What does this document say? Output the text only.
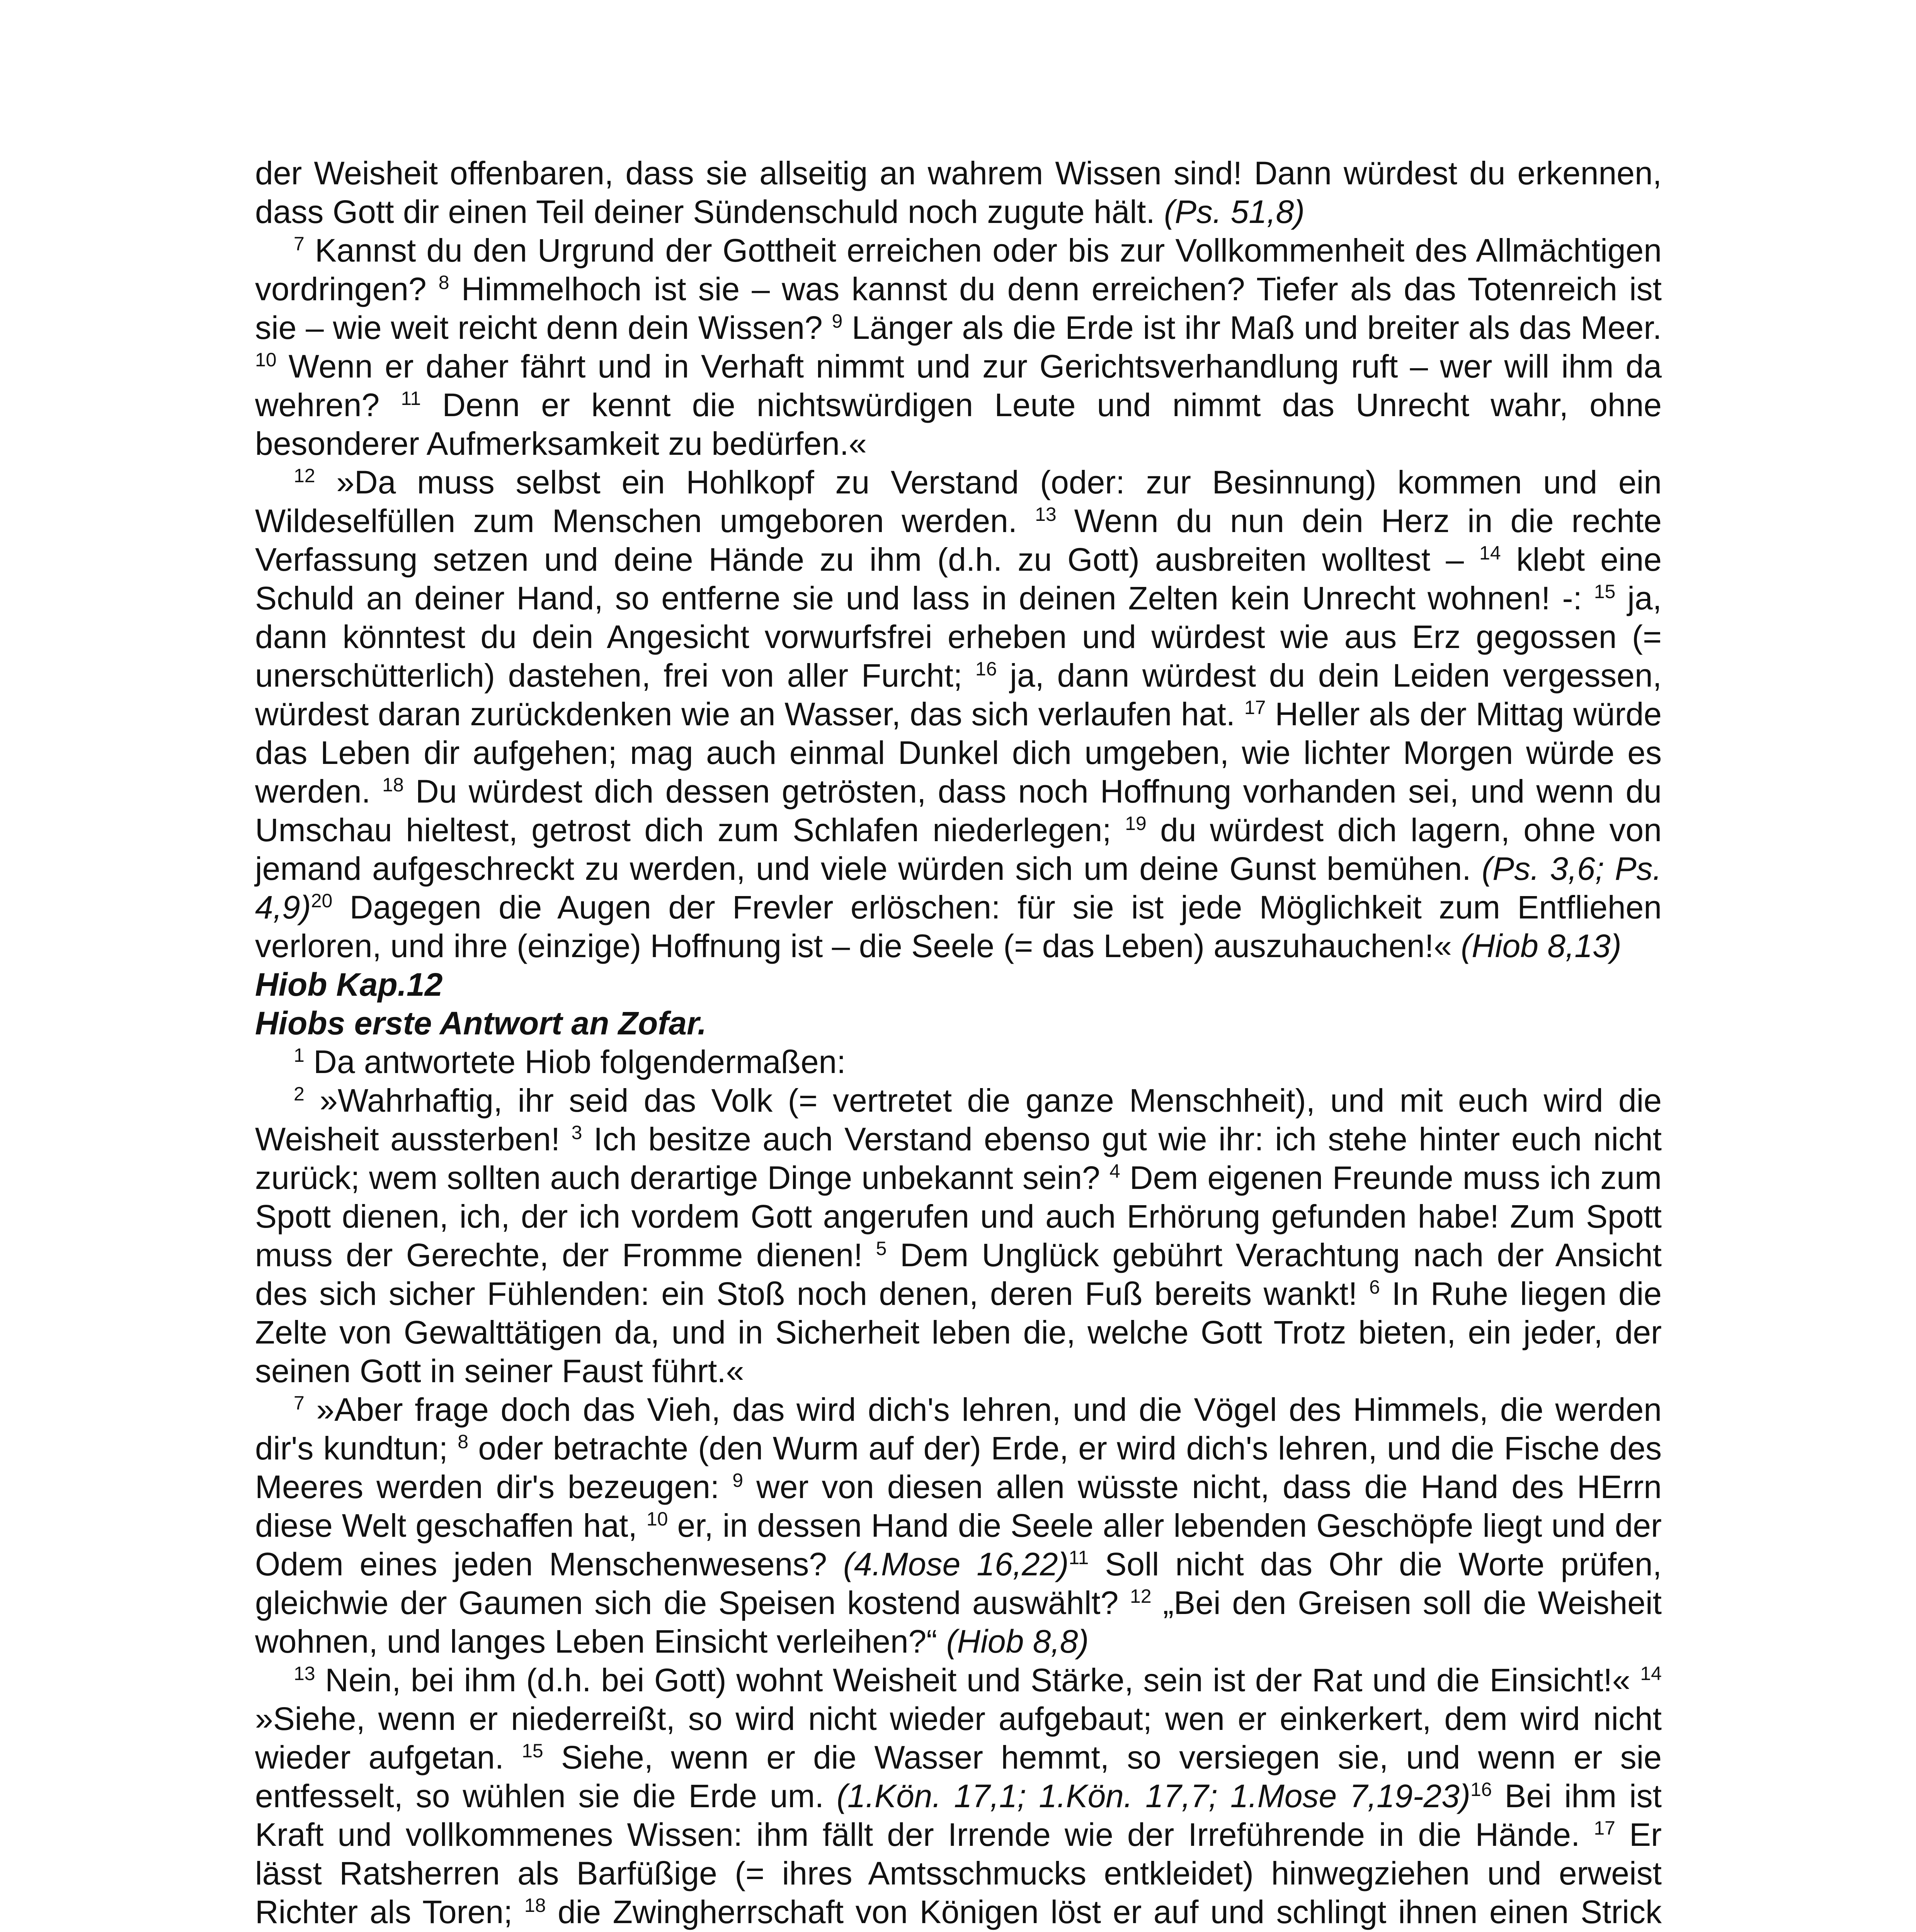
der Weisheit offenbaren, dass sie allseitig an wahrem Wissen sind! Dann würdest du erkennen, dass Gott dir einen Teil deiner Sündenschuld noch zugute hält. (Ps. 51,8)

$^7$ Kannst du den Urgrund der Gottheit erreichen oder bis zur Vollkommenheit des Allmächtigen vordringen? $^8$ Himmelhoch ist sie – was kannst du denn erreichen? Tiefer als das Totenreich ist sie – wie weit reicht denn dein Wissen? $^9$ Länger als die Erde ist ihr Maß und breiter als das Meer. $^{10}$ Wenn er daher fährt und in Verhaft nimmt und zur Gerichtsverhandlung ruft – wer will ihm da wehren? $^{11}$ Denn er kennt die nichtswürdigen Leute und nimmt das Unrecht wahr, ohne besonderer Aufmerksamkeit zu bedürfen.«

$^{12}$ »Da muss selbst ein Hohlkopf zu Verstand (oder: zur Besinnung) kommen und ein Wildeselfüllen zum Menschen umgeboren werden. $^{13}$ Wenn du nun dein Herz in die rechte Verfassung setzen und deine Hände zu ihm (d.h. zu Gott) ausbreiten wolltest – $^{14}$ klebt eine Schuld an deiner Hand, so entferne sie und lass in deinen Zelten kein Unrecht wohnen! -: $^{15}$ ja, dann könntest du dein Angesicht vorwurfsfrei erheben und würdest wie aus Erz gegossen (= unerschütterlich) dastehen, frei von aller Furcht; $^{16}$ ja, dann würdest du dein Leiden vergessen, würdest daran zurückdenken wie an Wasser, das sich verlaufen hat. $^{17}$ Heller als der Mittag würde das Leben dir aufgehen; mag auch einmal Dunkel dich umgeben, wie lichter Morgen würde es werden. $^{18}$ Du würdest dich dessen getrösten, dass noch Hoffnung vorhanden sei, und wenn du Umschau hieltest, getrost dich zum Schlafen niederlegen; $^{19}$ du würdest dich lagern, ohne von jemand aufgeschreckt zu werden, und viele würden sich um deine Gunst bemühen. (Ps. 3,6; Ps. 4,9)$^{20}$ Dagegen die Augen der Frevler erlöschen: für sie ist jede Möglichkeit zum Entfliehen verloren, und ihre (einzige) Hoffnung ist – die Seele (= das Leben) auszuhauchen!« (Hiob 8,13)

Hiob Kap.12

Hiobs erste Antwort an Zofar.

$^1$ Da antwortete Hiob folgendermaßen:

$^2$ »Wahrhaftig, ihr seid das Volk (= vertretet die ganze Menschheit), und mit euch wird die Weisheit aussterben! $^3$ Ich besitze auch Verstand ebenso gut wie ihr: ich stehe hinter euch nicht zurück; wem sollten auch derartige Dinge unbekannt sein? $^4$ Dem eigenen Freunde muss ich zum Spott dienen, ich, der ich vordem Gott angerufen und auch Erhörung gefunden habe! Zum Spott muss der Gerechte, der Fromme dienen! $^5$ Dem Unglück gebührt Verachtung nach der Ansicht des sich sicher Fühlenden: ein Stoß noch denen, deren Fuß bereits wankt! $^6$ In Ruhe liegen die Zelte von Gewalttätigen da, und in Sicherheit leben die, welche Gott Trotz bieten, ein jeder, der seinen Gott in seiner Faust führt.«

$^7$ »Aber frage doch das Vieh, das wird dich's lehren, und die Vögel des Himmels, die werden dir's kundtun; $^8$ oder betrachte (den Wurm auf der) Erde, er wird dich's lehren, und die Fische des Meeres werden dir's bezeugen: $^9$ wer von diesen allen wüsste nicht, dass die Hand des HErrn diese Welt geschaffen hat, $^{10}$ er, in dessen Hand die Seele aller lebenden Geschöpfe liegt und der Odem eines jeden Menschenwesens? (4.Mose 16,22)$^{11}$ Soll nicht das Ohr die Worte prüfen, gleichwie der Gaumen sich die Speisen kostend auswählt? $^{12}$ „Bei den Greisen soll die Weisheit wohnen, und langes Leben Einsicht verleihen?“ (Hiob 8,8)

$^{13}$ Nein, bei ihm (d.h. bei Gott) wohnt Weisheit und Stärke, sein ist der Rat und die Einsicht!« $^{14}$ »Siehe, wenn er niederreißt, so wird nicht wieder aufgebaut; wen er einkerkert, dem wird nicht wieder aufgetan. $^{15}$ Siehe, wenn er die Wasser hemmt, so versiegen sie, und wenn er sie entfesselt, so wühlen sie die Erde um. (1.Kön. 17,1; 1.Kön. 17,7; 1.Mose 7,19-23)$^{16}$ Bei ihm ist Kraft und vollkommenes Wissen: ihm fällt der Irrende wie der Irreführende in die Hände. $^{17}$ Er lässt Ratsherren als Barfüßige (= ihres Amtsschmucks entkleidet) hinwegziehen und erweist Richter als Toren; $^{18}$ die Zwingherrschaft von Königen löst er auf und schlingt ihnen einen Strick
